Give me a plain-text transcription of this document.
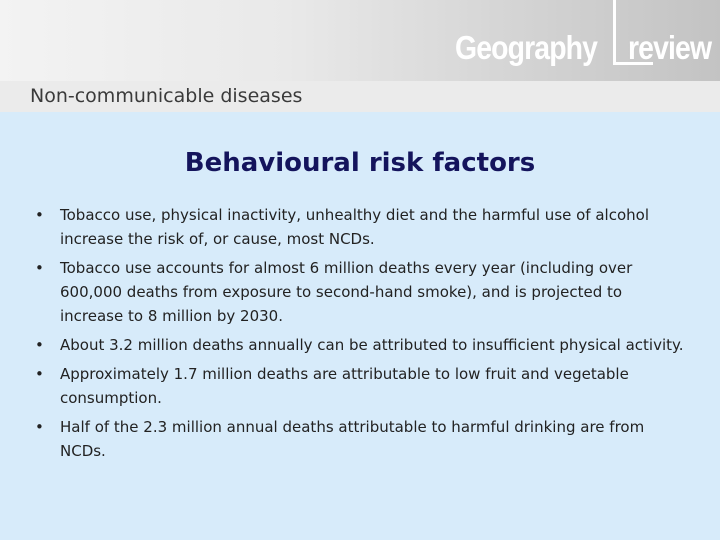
Geography review
Non-communicable diseases
Behavioural risk factors
• Tobacco use, physical inactivity, unhealthy diet and the harmful use of alcohol increase the risk of, or cause, most NCDs.
• Tobacco use accounts for almost 6 million deaths every year (including over 600,000 deaths from exposure to second-hand smoke), and is projected to increase to 8 million by 2030.
• About 3.2 million deaths annually can be attributed to insufficient physical activity.
• Approximately 1.7 million deaths are attributable to low fruit and vegetable consumption.
• Half of the 2.3 million annual deaths attributable to harmful drinking are from NCDs.
